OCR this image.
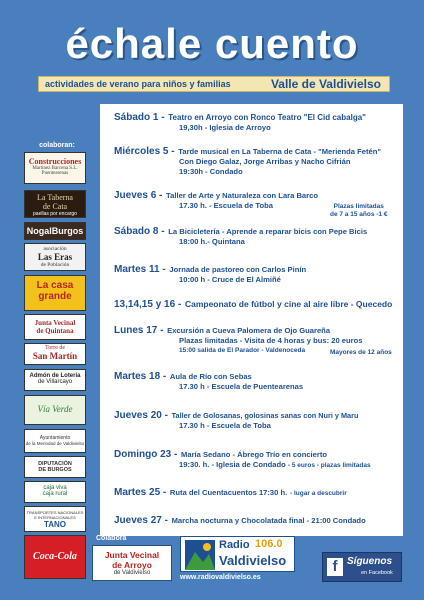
échale cuento
actividades de verano para niños y familias	Valle de Valdivielso
colaboran:
Construcciones
Martinez Barcena S.L.
Puentearenas
La Taberna
de Cata
paellas por encargo
NogalBurgos
asociación
Las Eras
de Población
La casa
grande
Junta Vecinal
de Quintana
Torre de
San Martín
Admón de Lotería
de Villarcayo
Vía Verde
Ayuntamiento
de la Merindad de Valdivielso
DIPUTACIÓN
DE BURGOS
caja viva
caja rural
TRANSPORTES NACIONALES
E INTERNACIONALES
TANO
Coca-Cola
Sábado 1 - Teatro en Arroyo con Ronco Teatro "El Cid cabalga"
19,30h - Iglesia de Arroyo
Miércoles 5 - Tarde musical en La Taberna de Cata - "Merienda Fetén"
Con Diego Galaz, Jorge Arribas y Nacho Cifrián
19:30h - Condado
Jueves 6 - Taller de Arte y Naturaleza con Lara Barco
17.30 h. - Escuela de Toba	Plazas limitadas
de 7 a 15 años -1 €
Sábado 8 - La Bicicletería - Aprende a reparar bicis con Pepe Bicis
18:00 h.- Quintana
Martes 11 - Jornada de pastoreo con Carlos Pinín
10:00 h - Cruce de El Almiñé
13,14,15 y 16 - Campeonato de fútbol y cine al aire libre - Quecedo
Lunes 17 - Excursión a Cueva Palomera de Ojo Guareña
Plazas limitadas - Visita de 4 horas y bus: 20 euros
15:00 salida de El Parador - Valdenoceda	Mayores de 12 años
Martes 18 - Aula de Río con Sebas
17.30 h - Escuela de Puentearenas
Jueves 20 - Taller de Golosanas, golosinas sanas con Nuri y Maru
17.30 h - Escuela de Toba
Domingo 23 - María Sedano - Ábrego Trío en concierto
19:30. h. - Iglesia de Condado - 5 euros - plazas limitadas
Martes 25 - Ruta del Cuentacuentos 17:30 h. - lugar a descubrir
Jueves 27 - Marcha nocturna y Chocolatada final - 21:00 Condado
Colabora
Junta Vecinal
de Arroyo
de Valdivielso
Radio 106.0
Valdivielso
www.radiovaldivielso.es
f Síguenos
en Facebook
